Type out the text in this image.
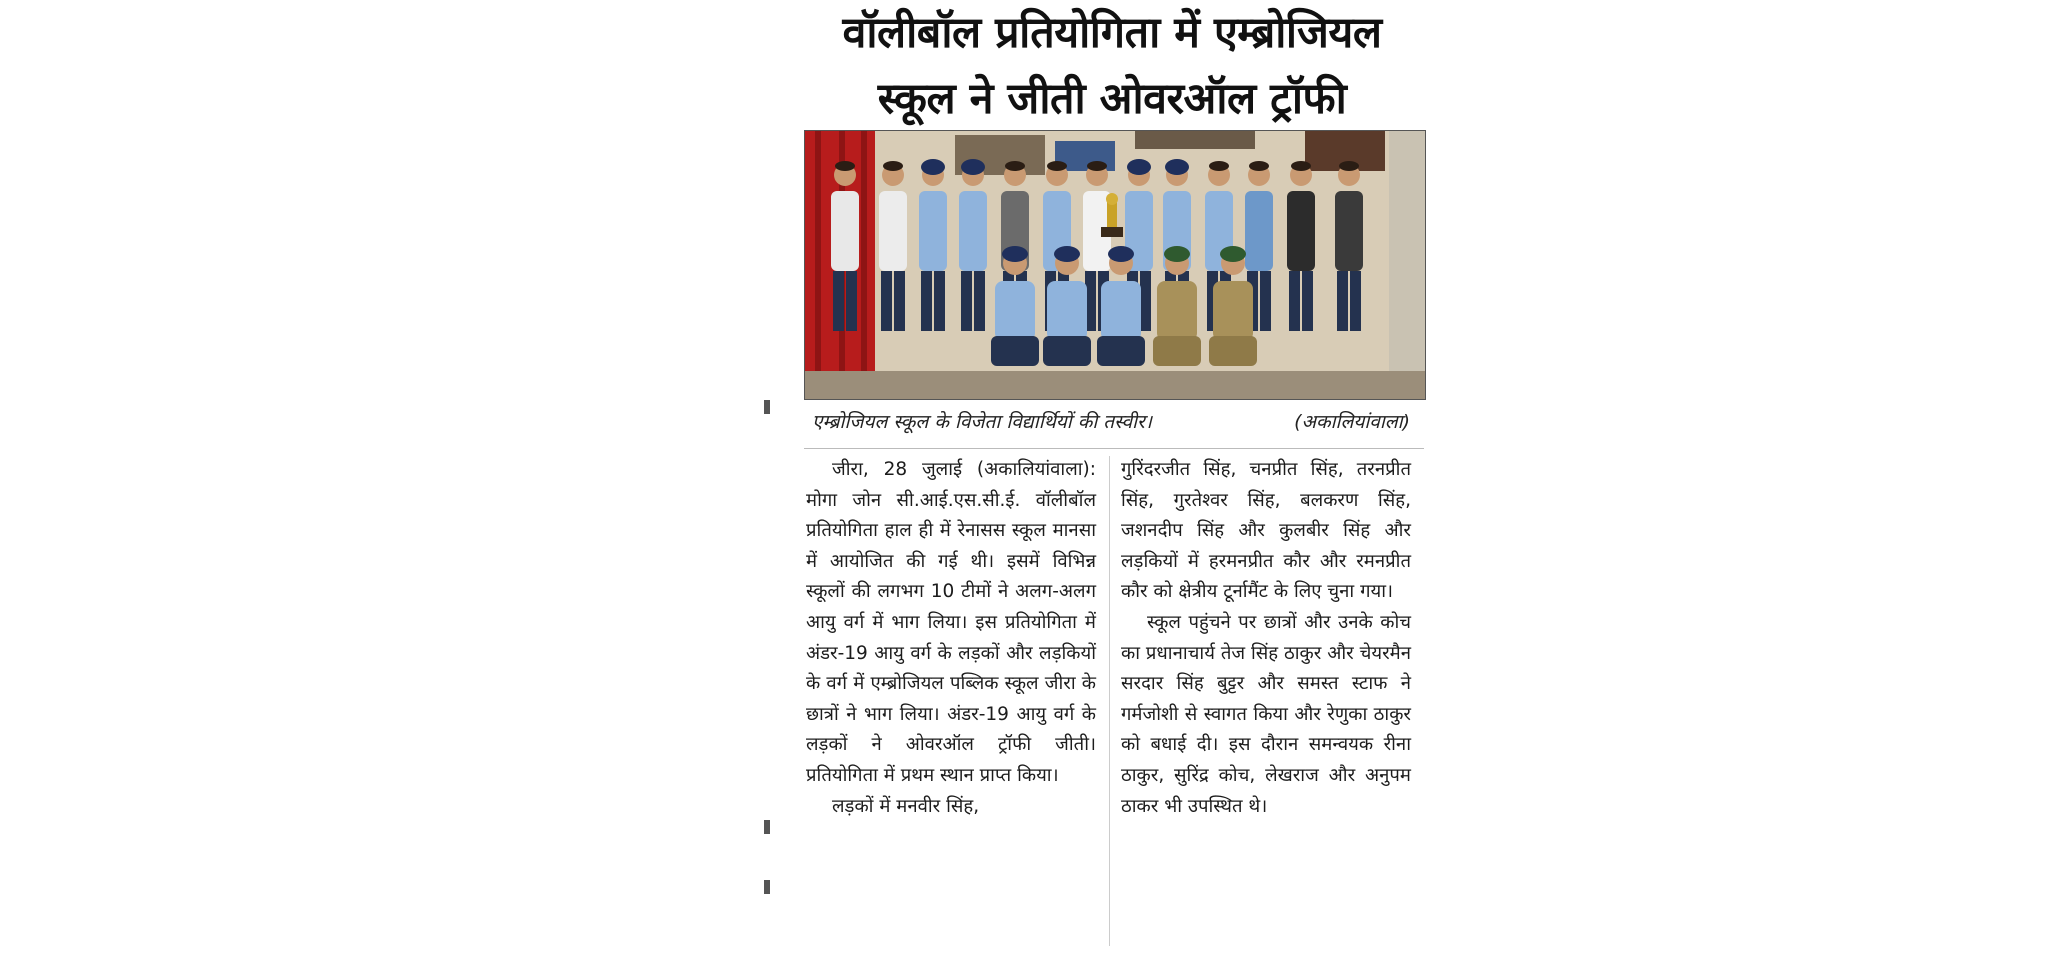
वॉलीबॉल प्रतियोगिता में एम्ब्रोजियल
स्कूल ने जीती ओवरऑल ट्रॉफी
एम्ब्रोजियल स्कूल के विजेता विद्यार्थियों की तस्वीर।	(अकालियांवाला)

जीरा, 28 जुलाई (अकालियांवाला): मोगा जोन सी.आई.एस.सी.ई. वॉलीबॉल प्रतियोगिता हाल ही में रेनासस स्कूल मानसा में आयोजित की गई थी। इसमें विभिन्न स्कूलों की लगभग 10 टीमों ने अलग-अलग आयु वर्ग में भाग लिया। इस प्रतियोगिता में अंडर-19 आयु वर्ग के लड़कों और लड़कियों के वर्ग में एम्ब्रोजियल पब्लिक स्कूल जीरा के छात्रों ने भाग लिया। अंडर-19 आयु वर्ग के लड़कों ने ओवरऑल ट्रॉफी जीती। प्रतियोगिता में प्रथम स्थान प्राप्त किया।

लड़कों में मनवीर सिंह,

गुरिंदरजीत सिंह, चनप्रीत सिंह, तरनप्रीत सिंह, गुरतेश्वर सिंह, बलकरण सिंह, जशनदीप सिंह और कुलबीर सिंह और लड़कियों में हरमनप्रीत कौर और रमनप्रीत कौर को क्षेत्रीय टूर्नामैंट के लिए चुना गया।

स्कूल पहुंचने पर छात्रों और उनके कोच का प्रधानाचार्य तेज सिंह ठाकुर और चेयरमैन सरदार सिंह बुट्टर और समस्त स्टाफ ने गर्मजोशी से स्वागत किया और रेणुका ठाकुर को बधाई दी। इस दौरान समन्वयक रीना ठाकुर, सुरिंद्र कोच, लेखराज और अनुपम ठाकर भी उपस्थित थे।
